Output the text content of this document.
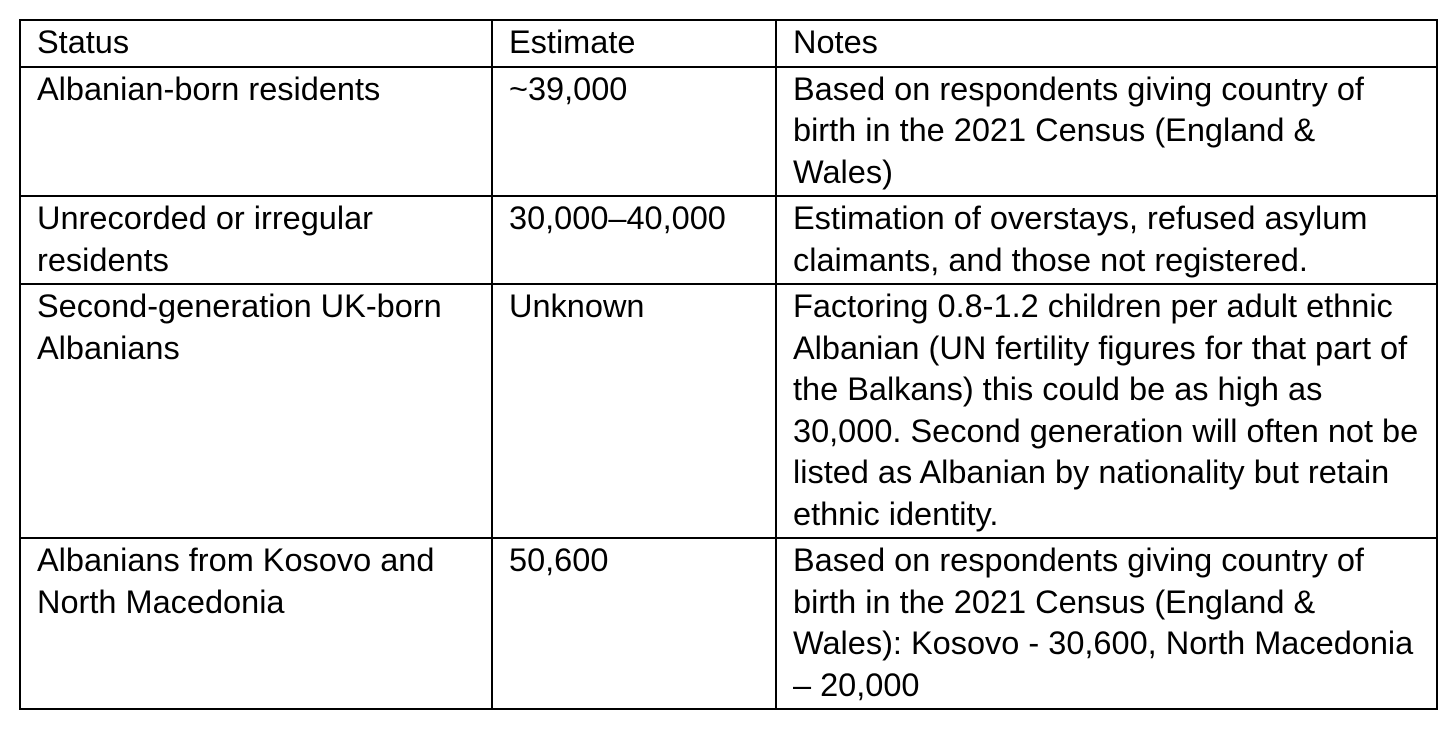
Status	Estimate	Notes
Albanian-born residents	~39,000	Based on respondents giving country of birth in the 2021 Census (England & Wales)
Unrecorded or irregular residents	30,000–40,000	Estimation of overstays, refused asylum claimants, and those not registered.
Second-generation UK-born Albanians	Unknown	Factoring 0.8-1.2 children per adult ethnic Albanian (UN fertility figures for that part of the Balkans) this could be as high as 30,000. Second generation will often not be listed as Albanian by nationality but retain ethnic identity.
Albanians from Kosovo and North Macedonia	50,600	Based on respondents giving country of birth in the 2021 Census (England & Wales): Kosovo - 30,600, North Macedonia – 20,000
